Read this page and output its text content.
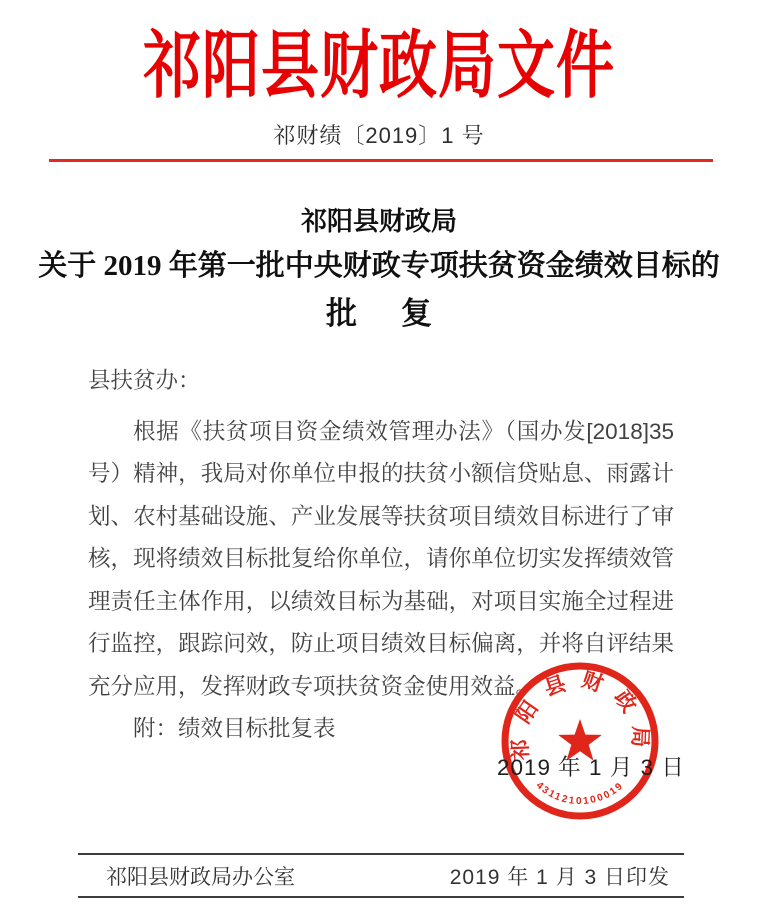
祁阳县财政局文件
祁财绩〔2019〕1 号
祁阳县财政局
关于 2019 年第一批中央财政专项扶贫资金绩效目标的
批 复
县扶贫办：
根据《扶贫项目资金绩效管理办法》（国办发[2018]35 号）精神，我局对你单位申报的扶贫小额信贷贴息、雨露计划、农村基础设施、产业发展等扶贫项目绩效目标进行了审核，现将绩效目标批复给你单位，请你单位切实发挥绩效管理责任主体作用，以绩效目标为基础，对项目实施全过程进行监控，跟踪问效，防止项目绩效目标偏离，并将自评结果充分应用，发挥财政专项扶贫资金使用效益。
附：绩效目标批复表	祁阳县财政局
4311210100019
2019 年 1 月 3 日
祁阳县财政局办公室	2019 年 1 月 3 日印发
